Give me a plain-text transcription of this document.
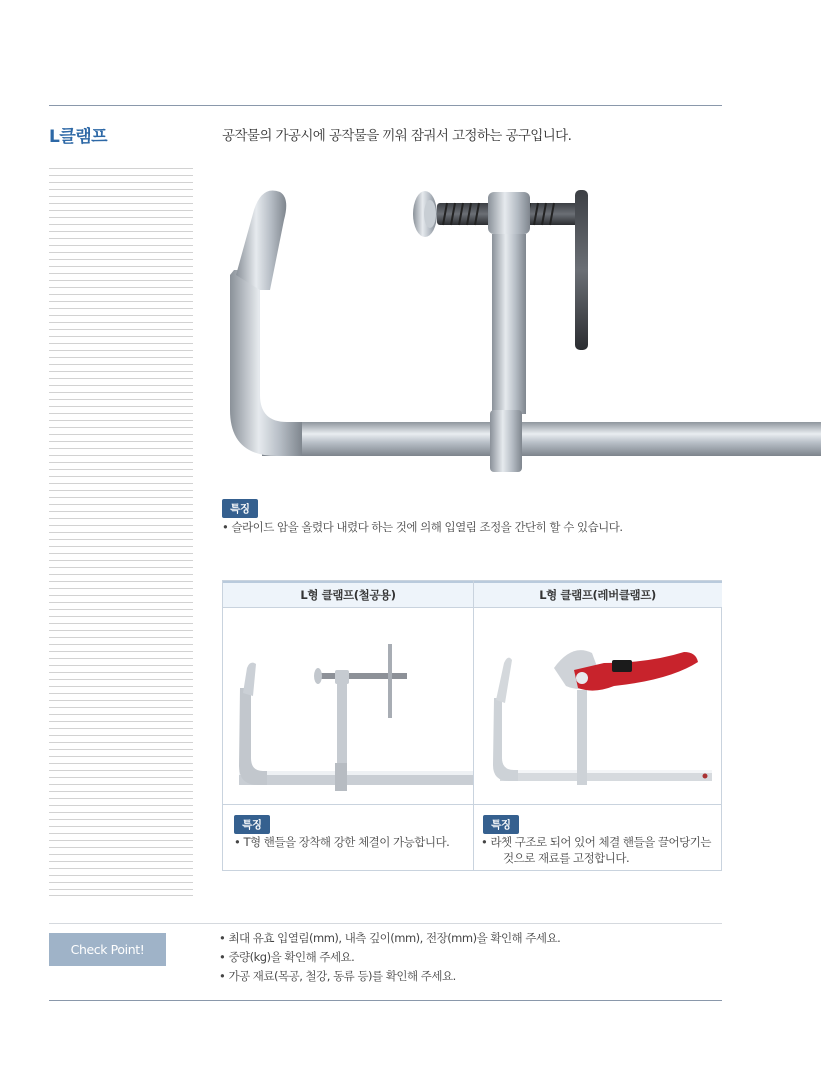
L클램프	공작물의 가공시에 공작물을 끼워 잠궈서 고정하는 공구입니다.
특징
• 슬라이드 암을 올렸다 내렸다 하는 것에 의해 입열림 조정을 간단히 할 수 있습니다.
L형 클램프(철공용)	L형 클램프(레버클램프)
특징
• T형 핸들을 장착해 강한 체결이 가능합니다.
특징
• 라쳇 구조로 되어 있어 체결 핸들을 끌어당기는
것으로 재료를 고정합니다.
Check Point!
• 최대 유효 입열림(mm), 내측 깊이(mm), 전장(mm)을 확인해 주세요.
• 중량(kg)을 확인해 주세요.
• 가공 재료(목공, 철강, 동류 등)를 확인해 주세요.
